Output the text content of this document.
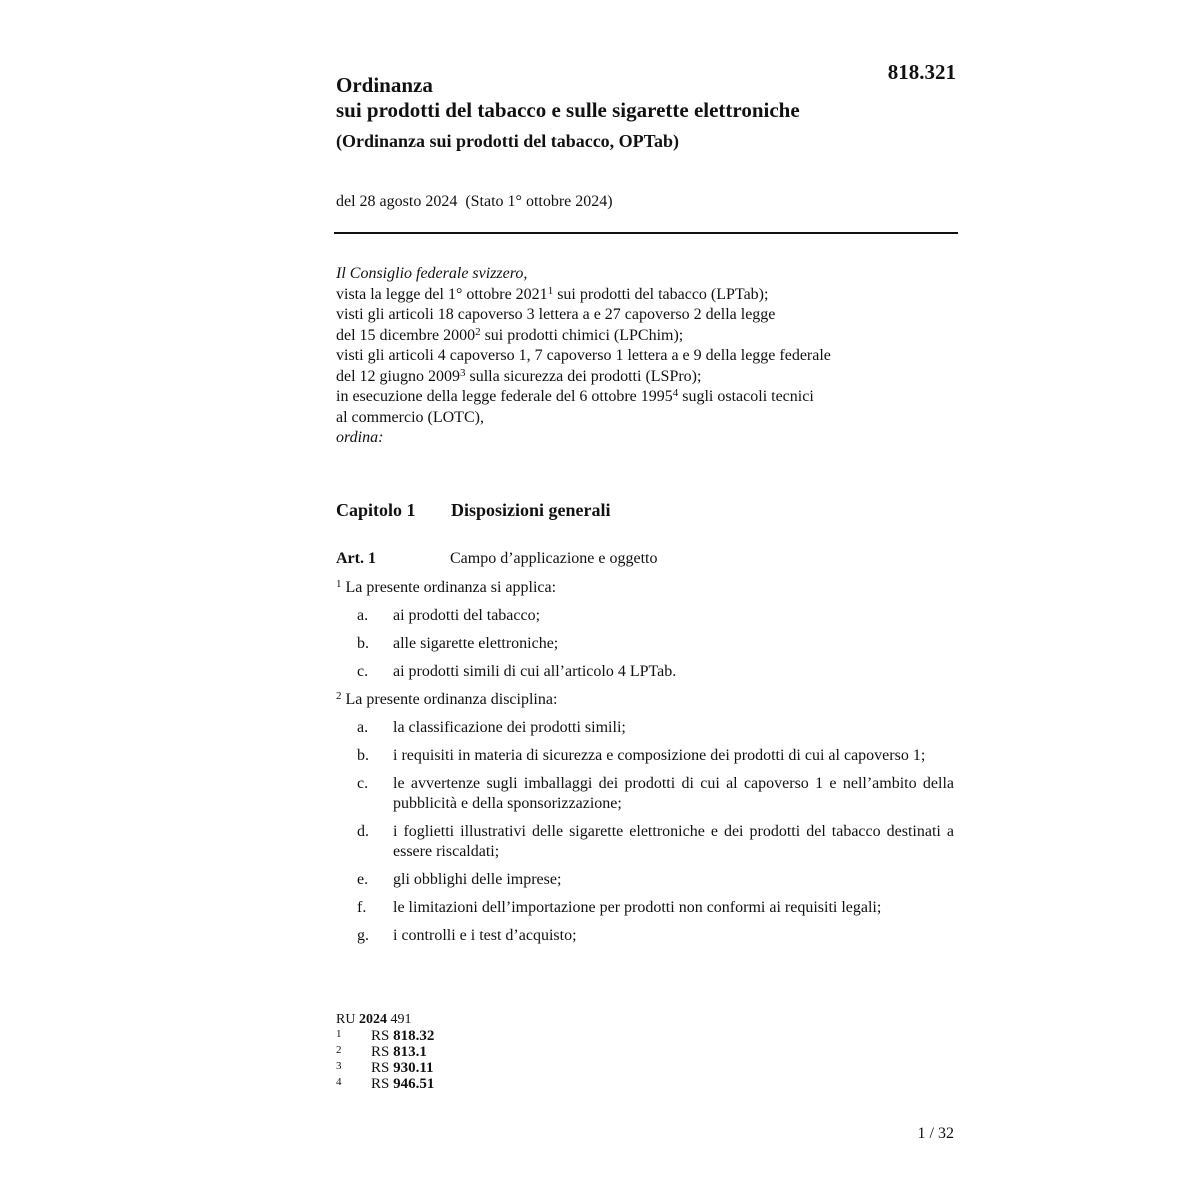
818.321
Ordinanza
sui prodotti del tabacco e sulle sigarette elettroniche
(Ordinanza sui prodotti del tabacco, OPTab)
del 28 agosto 2024  (Stato 1° ottobre 2024)
Il Consiglio federale svizzero,
vista la legge del 1° ottobre 2021$^1$ sui prodotti del tabacco (LPTab);
visti gli articoli 18 capoverso 3 lettera a e 27 capoverso 2 della legge
del 15 dicembre 2000$^2$ sui prodotti chimici (LPChim);
visti gli articoli 4 capoverso 1, 7 capoverso 1 lettera a e 9 della legge federale
del 12 giugno 2009$^3$ sulla sicurezza dei prodotti (LSPro);
in esecuzione della legge federale del 6 ottobre 1995$^4$ sugli ostacoli tecnici
al commercio (LOTC),
ordina:
Capitolo 1 Disposizioni generali
Art. 1	Campo d’applicazione e oggetto
$^1$ La presente ordinanza si applica:
a.	ai prodotti del tabacco;
b.	alle sigarette elettroniche;
c.	ai prodotti simili di cui all’articolo 4 LPTab.
$^2$ La presente ordinanza disciplina:
a.	la classificazione dei prodotti simili;
b.	i requisiti in materia di sicurezza e composizione dei prodotti di cui al capoverso 1;
c.	le avvertenze sugli imballaggi dei prodotti di cui al capoverso 1 e nell’ambito della pubblicità e della sponsorizzazione;
d.	i foglietti illustrativi delle sigarette elettroniche e dei prodotti del tabacco destinati a essere riscaldati;
e.	gli obblighi delle imprese;
f.	le limitazioni dell’importazione per prodotti non conformi ai requisiti legali;
g.	i controlli e i test d’acquisto;
RU 2024 491
1	RS 818.32
2	RS 813.1
3	RS 930.11
4	RS 946.51
1 / 32
